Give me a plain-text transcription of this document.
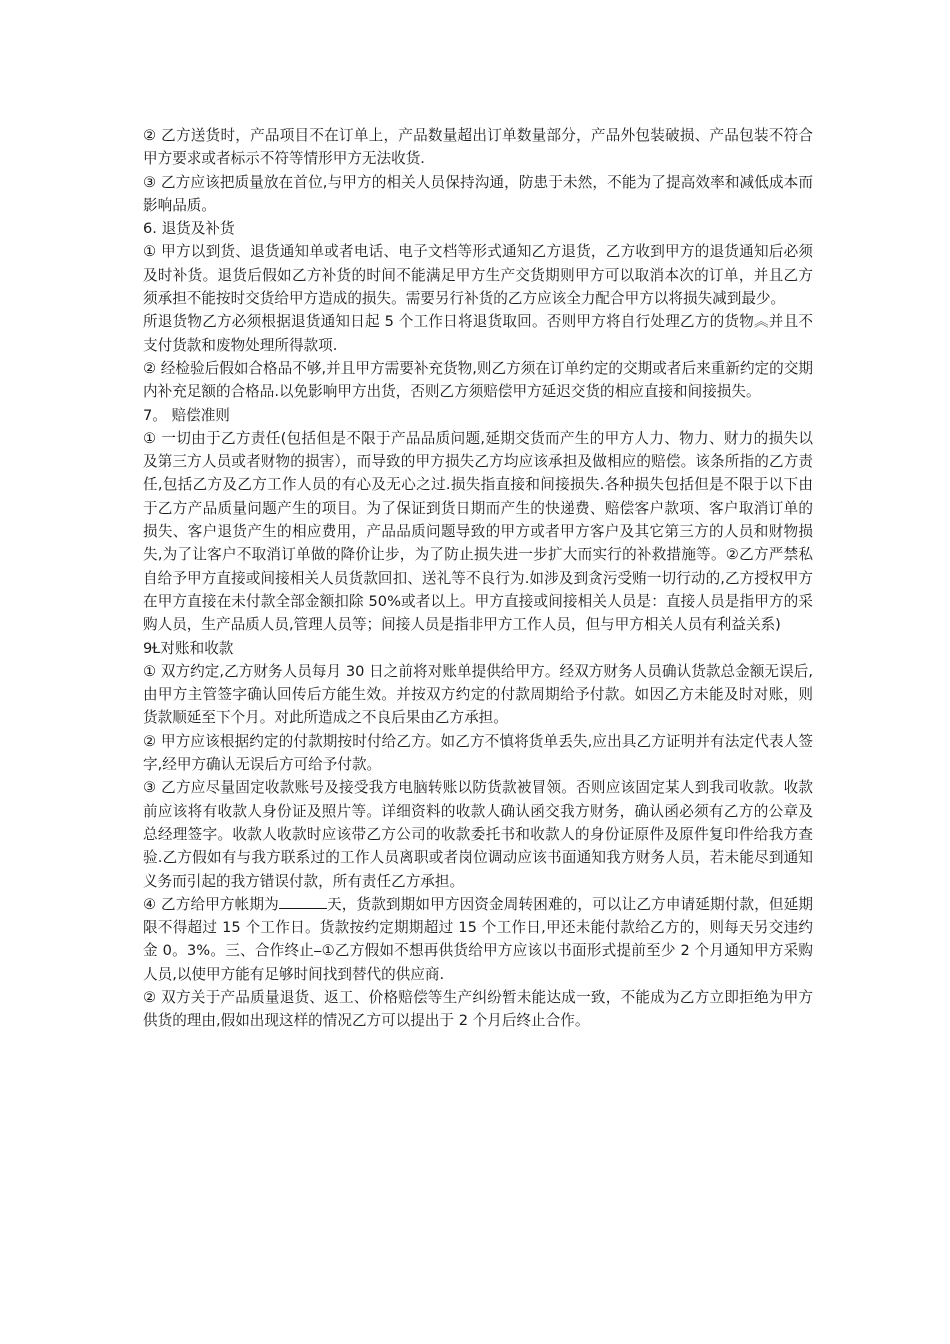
② 乙方送货时，产品项目不在订单上，产品数量超出订单数量部分，产品外包装破损、产品包装不符合甲方要求或者标示不符等情形甲方无法收货.

③ 乙方应该把质量放在首位,与甲方的相关人员保持沟通，防患于未然，不能为了提高效率和减低成本而影响品质。

6. 退货及补货

① 甲方以到货、退货通知单或者电话、电子文档等形式通知乙方退货，乙方收到甲方的退货通知后必须及时补货。退货后假如乙方补货的时间不能满足甲方生产交货期则甲方可以取消本次的订单，并且乙方须承担不能按时交货给甲方造成的损失。需要另行补货的乙方应该全力配合甲方以将损失减到最少。

所退货物乙方必须根据退货通知日起 5 个工作日将退货取回。否则甲方将自行处理乙方的货物︽并且不支付货款和废物处理所得款项.

② 经检验后假如合格品不够,并且甲方需要补充货物,则乙方须在订单约定的交期或者后来重新约定的交期内补充足额的合格品.以免影响甲方出货，否则乙方须赔偿甲方延迟交货的相应直接和间接损失。

7。 赔偿准则

① 一切由于乙方责任(包括但是不限于产品品质问题,延期交货而产生的甲方人力、物力、财力的损失以及第三方人员或者财物的损害），而导致的甲方损失乙方均应该承担及做相应的赔偿。该条所指的乙方责任,包括乙方及乙方工作人员的有心及无心之过.损失指直接和间接损失.各种损失包括但是不限于以下由于乙方产品质量问题产生的项目。为了保证到货日期而产生的快递费、赔偿客户款项、客户取消订单的损失、客户退货产生的相应费用，产品品质问题导致的甲方或者甲方客户及其它第三方的人员和财物损失,为了让客户不取消订单做的降价让步，为了防止损失进一步扩大而实行的补救措施等。②乙方严禁私自给予甲方直接或间接相关人员货款回扣、送礼等不良行为.如涉及到贪污受贿一切行动的,乙方授权甲方在甲方直接在未付款全部金额扣除 50%或者以上。甲方直接或间接相关人员是：直接人员是指甲方的采购人员，生产品质人员,管理人员等；间接人员是指非甲方工作人员，但与甲方相关人员有利益关系)

9Ɫ对账和收款

① 双方约定,乙方财务人员每月 30 日之前将对账单提供给甲方。经双方财务人员确认货款总金额无误后,由甲方主管签字确认回传后方能生效。并按双方约定的付款周期给予付款。如因乙方未能及时对账，则货款顺延至下个月。对此所造成之不良后果由乙方承担。

② 甲方应该根据约定的付款期按时付给乙方。如乙方不慎将货单丢失,应出具乙方证明并有法定代表人签字,经甲方确认无误后方可给予付款。

③ 乙方应尽量固定收款账号及接受我方电脑转账以防货款被冒领。否则应该固定某人到我司收款。收款前应该将有收款人身份证及照片等。详细资料的收款人确认函交我方财务，确认函必须有乙方的公章及总经理签字。收款人收款时应该带乙方公司的收款委托书和收款人的身份证原件及原件复印件给我方查验.乙方假如有与我方联系过的工作人员离职或者岗位调动应该书面通知我方财务人员，若未能尽到通知义务而引起的我方错误付款，所有责任乙方承担。

④ 乙方给甲方帐期为	天，货款到期如甲方因资金周转困难的，可以让乙方申请延期付款，但延期限不得超过 15 个工作日。货款按约定期期超过 15 个工作日,甲还未能付款给乙方的，则每天另交违约金 0。3%。三、合作终止⎯①乙方假如不想再供货给甲方应该以书面形式提前至少 2 个月通知甲方采购人员,以使甲方能有足够时间找到替代的供应商.

② 双方关于产品质量退货、返工、价格赔偿等生产纠纷暂未能达成一致，不能成为乙方立即拒绝为甲方供货的理由,假如出现这样的情况乙方可以提出于 2 个月后终止合作。
